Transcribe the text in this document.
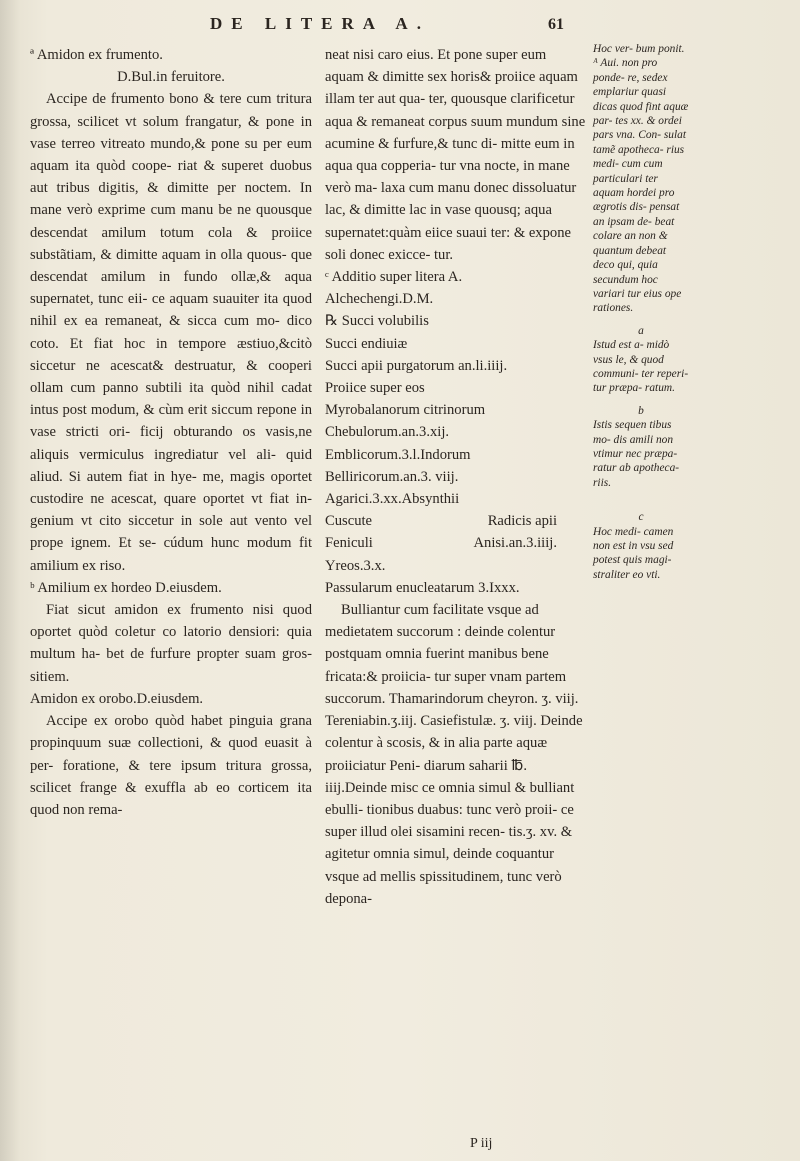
DE LITERA A.	61

ª Amidon ex frumento.

D.Bul.in feruitore.

Accipe de frumento bono & tere cum tritura grossa, scilicet vt solum frangatur, & pone in vase terreo vitreato mundo,& pone su per eum aquam ita quòd coope- riat & superet duobus aut tribus digitis, & dimitte per noctem. In mane verò exprime cum manu be ne quousque descendat amilum totum cola & proiice substãtiam, & dimitte aquam in olla quous- que descendat amilum in fundo ollæ,& aqua supernatet, tunc eii- ce aquam suauiter ita quod nihil ex ea remaneat, & sicca cum mo- dico coto. Et fiat hoc in tempore æstiuo,&citò siccetur ne acescat& destruatur, & cooperi ollam cum panno subtili ita quòd nihil cadat intus post modum, & cùm erit siccum repone in vase stricti ori- ficij obturando os vasis,ne aliquis vermiculus ingrediatur vel ali- quid aliud. Si autem fiat in hye- me, magis oportet custodire ne acescat, quare oportet vt fiat in- genium vt cito siccetur in sole aut vento vel prope ignem. Et se- cúdum hunc modum fit amilium ex riso.

ᵇ Amilium ex hordeo D.eiusdem.

Fiat sicut amidon ex frumento nisi quod oportet quòd coletur co latorio densiori: quia multum ha- bet de furfure propter suam gros- sitiem.

Amidon ex orobo.D.eiusdem.

Accipe ex orobo quòd habet pinguia grana propinquum suæ collectioni, & quod euasit à per- foratione, & tere ipsum tritura grossa, scilicet frange & exuffla ab eo corticem ita quod non rema-

neat nisi caro eius. Et pone super eum aquam & dimitte sex horis& proiice aquam illam ter aut qua- ter, quousque clarificetur aqua & remaneat corpus suum mundum sine acumine & furfure,& tunc di- mitte eum in aqua qua copperia- tur vna nocte, in mane verò ma- laxa cum manu donec dissoluatur lac, & dimitte lac in vase quousq; aqua supernatet:quàm eiice suaui ter: & expone soli donec exicce- tur.

ᶜ Additio super litera A.

Alchechengi.D.M.

℞ Succi volubilis

Succi endiuiæ

Succi apii purgatorum an.li.iiij.

Proiice super eos

Myrobalanorum citrinorum

Chebulorum.an.3.xij.

Emblicorum.3.l.Indorum

Belliricorum.an.3. viij.

Agarici.3.xx.Absynthii

Cuscute	Radicis apii

Feniculi	Anisi.an.3.iiij.

Yreos.3.x.

Passularum enucleatarum 3.Ixxx.

Bulliantur cum facilitate vsque ad medietatem succorum : deinde colentur postquam omnia fuerint manibus bene fricata:& proiicia- tur super vnam partem succorum. Thamarindorum cheyron. ʒ. viij. Tereniabin.ʒ.iij. Casiefistulæ. ʒ. viij. Deinde colentur à scosis, & in alia parte aquæ proiiciatur Peni- diarum saharii ℔. iiij.Deinde misc ce omnia simul & bulliant ebulli- tionibus duabus: tunc verò proii- ce super illud olei sisamini recen- tis.ʒ. xv. & agitetur omnia simul, deinde coquantur vsque ad mellis spissitudinem, tunc verò depona-

Hoc ver- bum ponit. ᴬ Aui. non pro ponde- re, sedex emplariur quasi dicas quod fint aquæ par- tes xx. & ordei pars vna. Con- sulat tamẽ apotheca- rius medi- cum cum particulari ter aquam hordei pro ægrotis dis- pensat an ipsam de- beat colare an non & quantum debeat deco qui, quia secundum hoc variari tur eius ope rationes.
a
Istud est a- midò vsus le, & quod communi- ter reperi- tur præpa- ratum.
b
Istis sequen tibus mo- dis amili non vtimur nec præpa- ratur ab apotheca- riis.
c
Hoc medi- camen non est in vsu sed potest quis magi- straliter eo vti.
P iij
